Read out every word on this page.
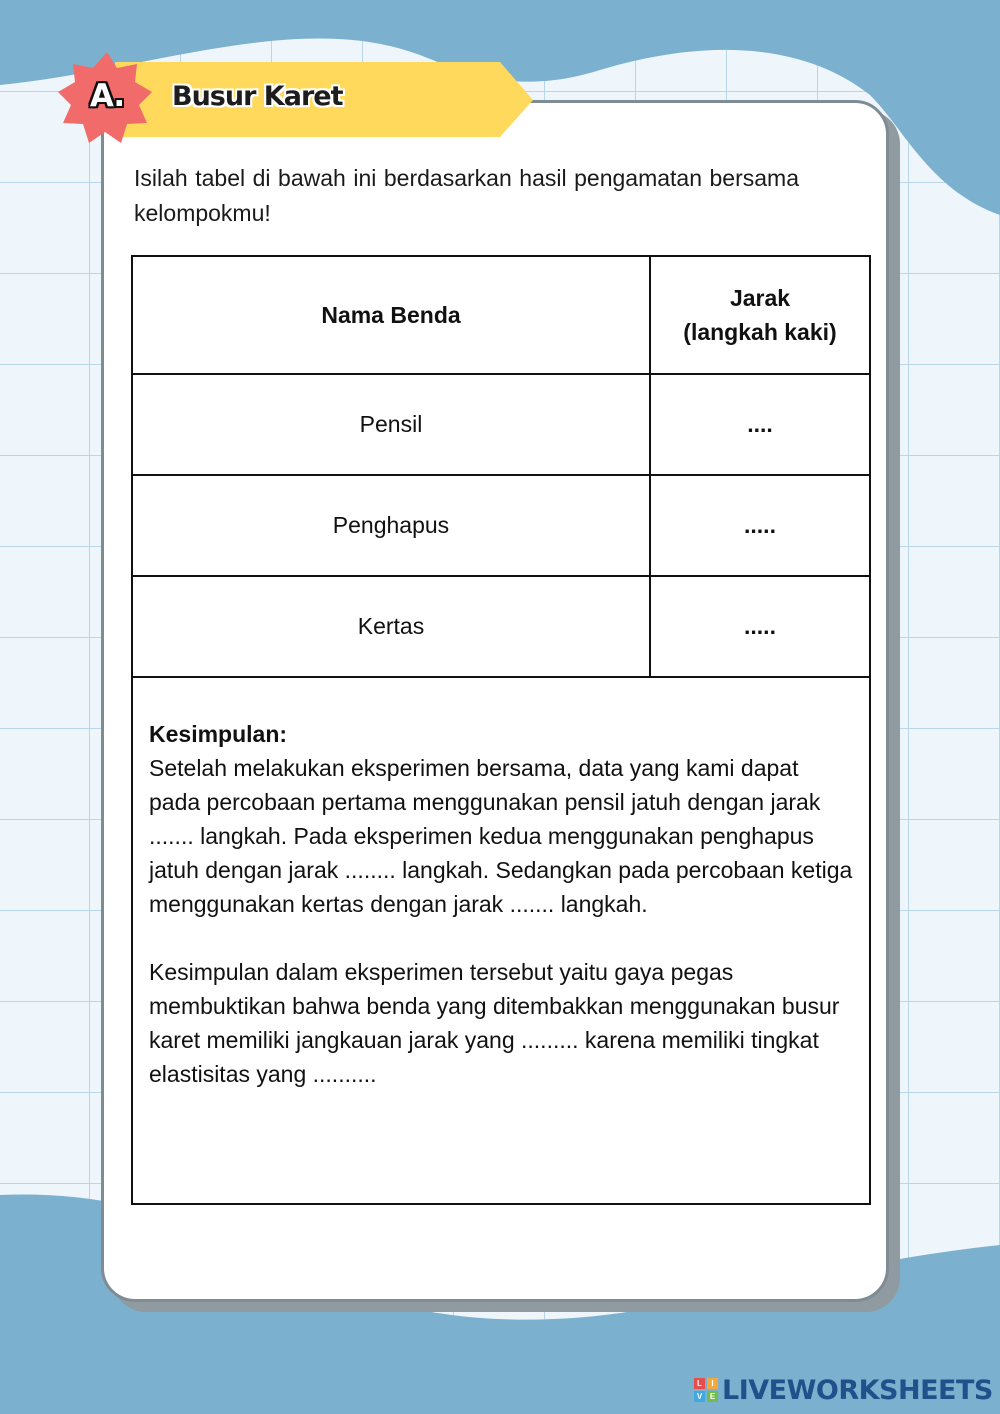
A. Busur Karet
Isilah tabel di bawah ini berdasarkan hasil pengamatan bersama kelompokmu!
Nama Benda	Jarak
(langkah kaki)
Pensil	....
Penghapus	.....
Kertas	.....

Kesimpulan:
Setelah melakukan eksperimen bersama, data yang kami dapat pada percobaan pertama menggunakan pensil jatuh dengan jarak ....... langkah. Pada eksperimen kedua menggunakan penghapus jatuh dengan jarak ........ langkah. Sedangkan pada percobaan ketiga menggunakan kertas dengan jarak ....... langkah.
Kesimpulan dalam eksperimen tersebut yaitu gaya pegas membuktikan bahwa benda yang ditembakkan menggunakan busur karet memiliki jangkauan jarak yang ......... karena memiliki tingkat elastisitas yang ..........	
L	I
V E LIVEWORKSHEETS
